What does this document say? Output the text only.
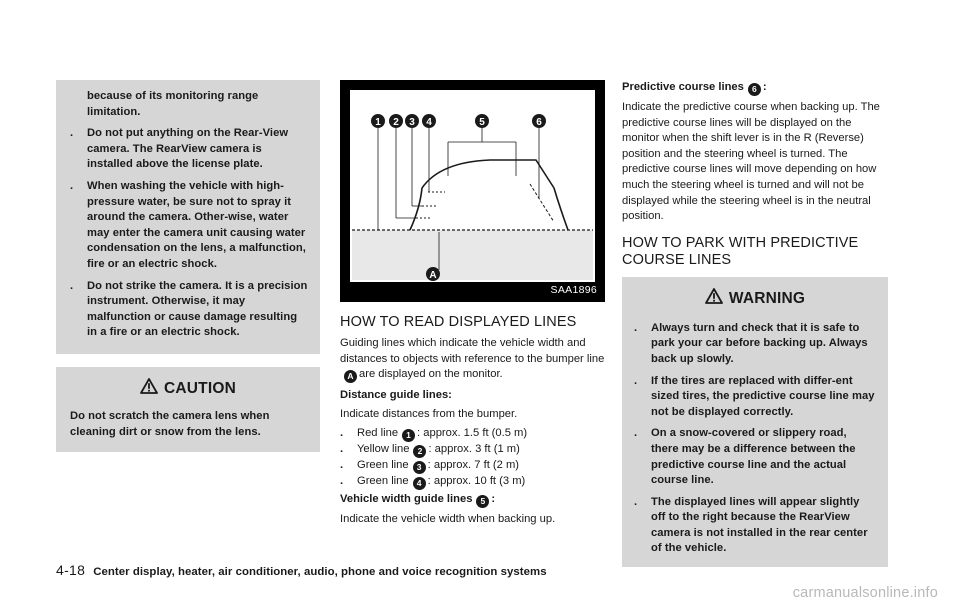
because of its monitoring range limitation.
.	Do not put anything on the Rear-View camera. The RearView camera is installed above the license plate.
.	When washing the vehicle with high-pressure water, be sure not to spray it around the camera. Other-wise, water may enter the camera unit causing water condensation on the lens, a malfunction, fire or an electric shock.
.	Do not strike the camera. It is a precision instrument. Otherwise, it may malfunction or cause damage resulting in a fire or an electric shock.
CAUTION
Do not scratch the camera lens when cleaning dirt or snow from the lens.
1 2 3 4	5	6
A
SAA1896
HOW TO READ DISPLAYED LINES
Guiding lines which indicate the vehicle width and distances to objects with reference to the bumper lineA are displayed on the monitor.
Distance guide lines:
Indicate distances from the bumper.
.	Red line 1 : approx. 1.5 ft (0.5 m)
.	Yellow line 2 : approx. 3 ft (1 m)
.	Green line 3 : approx. 7 ft (2 m)
.	Green line 4 : approx. 10 ft (3 m)
Vehicle width guide lines 5 :
Indicate the vehicle width when backing up.
Predictive course lines 6 :
Indicate the predictive course when backing up. The predictive course lines will be displayed on the monitor when the shift lever is in the R (Reverse) position and the steering wheel is turned. The predictive course lines will move depending on how much the steering wheel is turned and will not be displayed while the steering wheel is in the neutral position.
HOW TO PARK WITH PREDICTIVE COURSE LINES
WARNING
.	Always turn and check that it is safe to park your car before backing up. Always back up slowly.
.	If the tires are replaced with differ-ent sized tires, the predictive course line may not be displayed correctly.
.	On a snow-covered or slippery road, there may be a difference between the predictive course line and the actual course line.
.	The displayed lines will appear slightly off to the right because the RearView camera is not installed in the rear center of the vehicle.
4-18 Center display, heater, air conditioner, audio, phone and voice recognition systems
carmanualsonline.info
